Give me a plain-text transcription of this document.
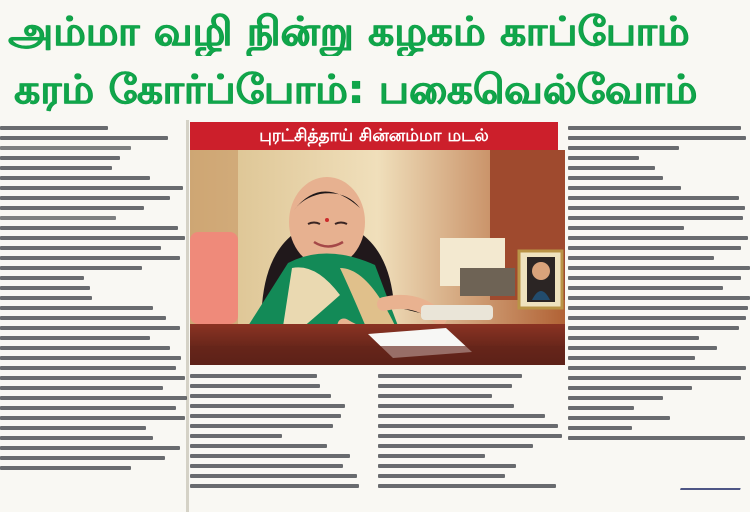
அம்மா வழி நின்று கழகம் காப்போம்
கரம் கோர்ப்போம்: பகைவெல்வோம்
புரட்சித்தாய் சின்னம்மா மடல்
